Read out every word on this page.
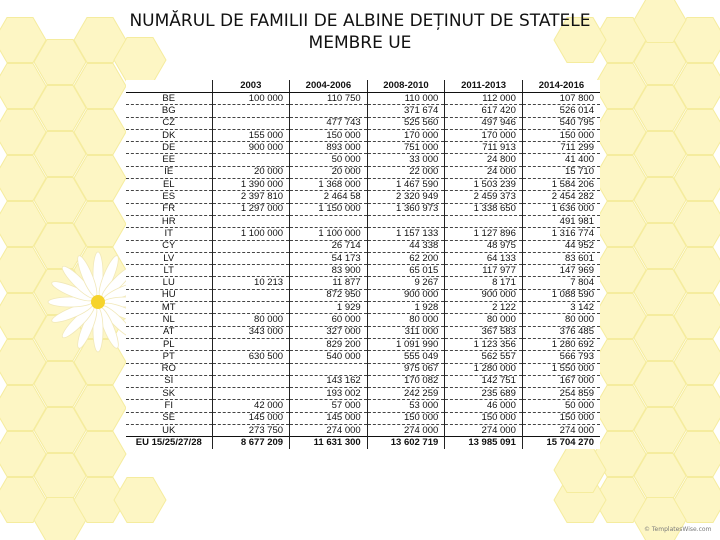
NUMĂRUL DE FAMILII DE ALBINE DEȚINUT DE STATELE
MEMBRE UE
	2003	2004-2006	2008-2010	2011-2013	2014-2016
BE	100 000	110 750	110 000	112 000	107 800
BG			371 674	617 420	526 014
CZ		477 743	525 560	497 946	540 795
DK	155 000	150 000	170 000	170 000	150 000
DE	900 000	893 000	751 000	711 913	711 299
EE		50 000	33 000	24 800	41 400
IE	20 000	20 000	22 000	24 000	15 710
EL	1 390 000	1 368 000	1 467 590	1 503 239	1 584 206
ES	2 397 810	2 464 58	2 320 949	2 459 373	2 454 282
FR	1 297 000	1 150 000	1 360 973	1 338 650	1 636 000
HR					491 981
IT	1 100 000	1 100 000	1 157 133	1 127 896	1 316 774
CY		26 714	44 338	48 975	44 952
LV		54 173	62 200	64 133	83 601
LT		83 900	65 015	117 977	147 969
LU	10 213	11 877	9 267	8 171	7 804
HU		872 950	900 000	900 000	1 088 590
MT		1 929	1 928	2 122	3 142
NL	80 000	60 000	80 000	80 000	80 000
AT	343 000	327 000	311 000	367 583	376 485
PL		829 200	1 091 990	1 123 356	1 280 692
PT	630 500	540 000	555 049	562 557	566 793
RO			975 067	1 280 000	1 550 000
SI		143 162	170 082	142 751	167 000
SK		193 002	242 259	235 689	254 859
FI	42 000	57 000	53 000	46 000	50 000
SE	145 000	145 000	150 000	150 000	150 000
UK	273 750	274 000	274 000	274 000	274 000
EU 15/25/27/28	8 677 209	11 631 300	13 602 719	13 985 091	15 704 270
© TemplatesWise.com
